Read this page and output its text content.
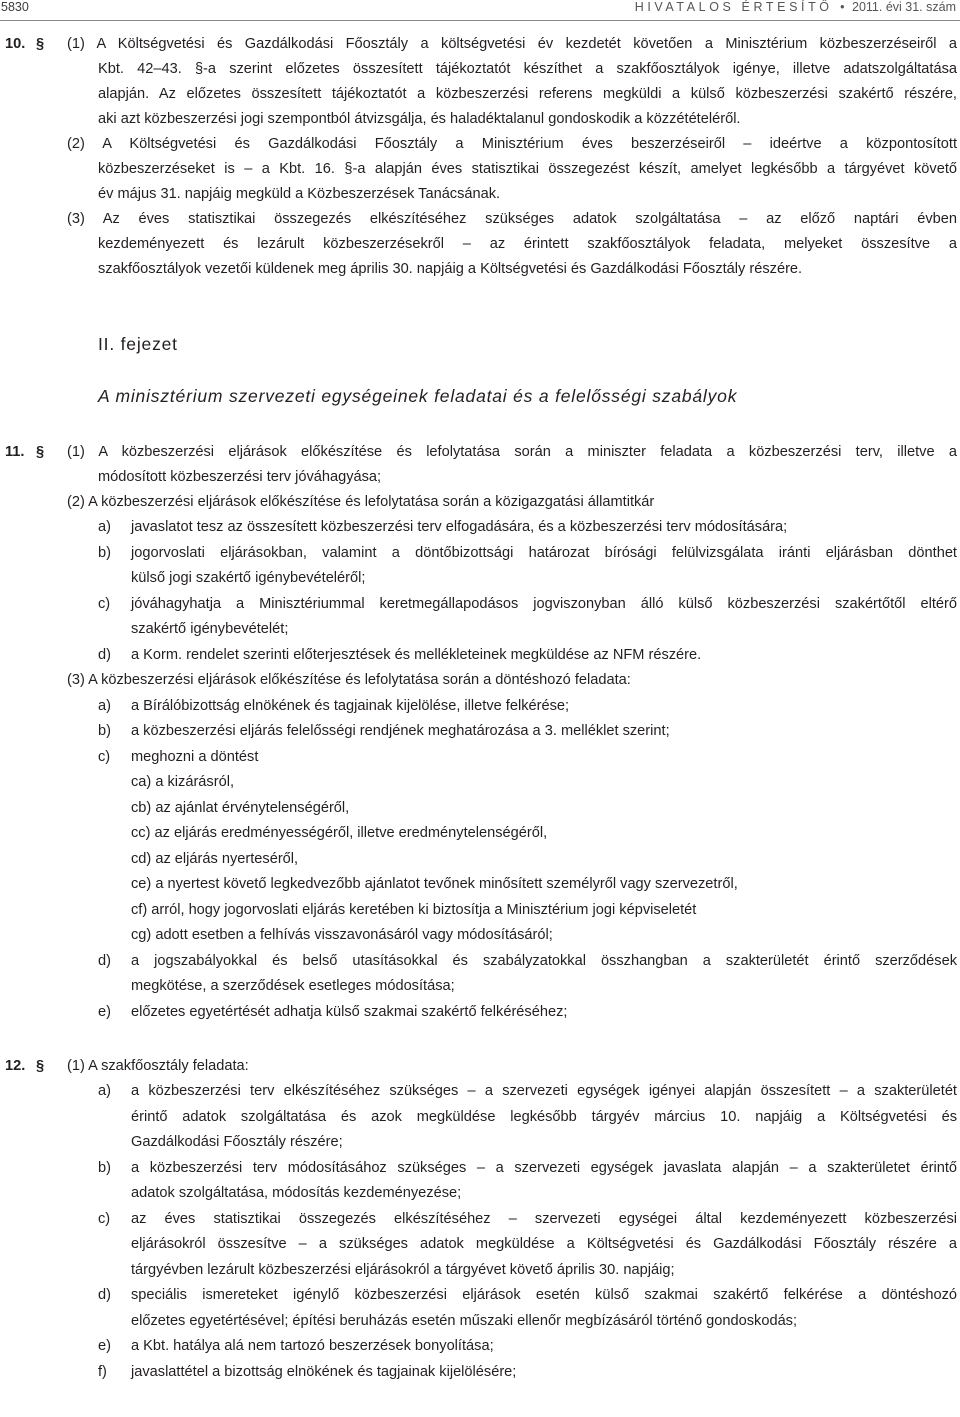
5830	HIVATALOS ÉRTESÍTŐ • 2011. évi 31. szám
10. § (1) A Költségvetési és Gazdálkodási Főosztály a költségvetési év kezdetét követően a Minisztérium közbeszerzéseiről a
Kbt. 42‒43. §-a szerint előzetes összesített tájékoztatót készíthet a szakfőosztályok igénye, illetve adatszolgáltatása
alapján. Az előzetes összesített tájékoztatót a közbeszerzési referens megküldi a külső közbeszerzési szakértő részére,
aki azt közbeszerzési jogi szempontból átvizsgálja, és haladéktalanul gondoskodik a közzétételéről.
(2) A Költségvetési és Gazdálkodási Főosztály a Minisztérium éves beszerzéseiről ‒ ideértve a központosított
közbeszerzéseket is ‒ a Kbt. 16. §-a alapján éves statisztikai összegezést készít, amelyet legkésőbb a tárgyévet követő
év május 31. napjáig megküld a Közbeszerzések Tanácsának.
(3) Az éves statisztikai összegezés elkészítéséhez szükséges adatok szolgáltatása ‒ az előző naptári évben
kezdeményezett és lezárult közbeszerzésekről ‒ az érintett szakfőosztályok feladata, melyeket összesítve a
szakfőosztályok vezetői küldenek meg április 30. napjáig a Költségvetési és Gazdálkodási Főosztály részére.
11. § (1) A közbeszerzési eljárások előkészítése és lefolytatása során a miniszter feladata a közbeszerzési terv, illetve a
módosított közbeszerzési terv jóváhagyása;
(2) A közbeszerzési eljárások előkészítése és lefolytatása során a közigazgatási államtitkár
a) javaslatot tesz az összesített közbeszerzési terv elfogadására, és a közbeszerzési terv módosítására;
b) jogorvoslati eljárásokban, valamint a döntőbizottsági határozat bírósági felülvizsgálata iránti eljárásban dönthet
külső jogi szakértő igénybevételéről;
c) jóváhagyhatja a Minisztériummal keretmegállapodásos jogviszonyban álló külső közbeszerzési szakértőtől eltérő
szakértő igénybevételét;
d) a Korm. rendelet szerinti előterjesztések és mellékleteinek megküldése az NFM részére.
(3) A közbeszerzési eljárások előkészítése és lefolytatása során a döntéshozó feladata:
a) a Bírálóbizottság elnökének és tagjainak kijelölése, illetve felkérése;
b) a közbeszerzési eljárás felelősségi rendjének meghatározása a 3. melléklet szerint;
c) meghozni a döntést
ca) a kizárásról,
cb) az ajánlat érvénytelenségéről,
cc) az eljárás eredményességéről, illetve eredménytelenségéről,
cd) az eljárás nyerteséről,
ce) a nyertest követő legkedvezőbb ajánlatot tevőnek minősített személyről vagy szervezetről,
cf) arról, hogy jogorvoslati eljárás keretében ki biztosítja a Minisztérium jogi képviseletét
cg) adott esetben a felhívás visszavonásáról vagy módosításáról;
d) a jogszabályokkal és belső utasításokkal és szabályzatokkal összhangban a szakterületét érintő szerződések
megkötése, a szerződések esetleges módosítása;
e) előzetes egyetértését adhatja külső szakmai szakértő felkéréséhez;
12. § (1) A szakfőosztály feladata:
a) a közbeszerzési terv elkészítéséhez szükséges ‒ a szervezeti egységek igényei alapján összesített ‒ a szakterületét
érintő adatok szolgáltatása és azok megküldése legkésőbb tárgyév március 10. napjáig a Költségvetési és
Gazdálkodási Főosztály részére;
b) a közbeszerzési terv módosításához szükséges ‒ a szervezeti egységek javaslata alapján ‒ a szakterületet érintő
adatok szolgáltatása, módosítás kezdeményezése;
c) az éves statisztikai összegezés elkészítéséhez ‒ szervezeti egységei által kezdeményezett közbeszerzési
eljárásokról összesítve ‒ a szükséges adatok megküldése a Költségvetési és Gazdálkodási Főosztály részére a
tárgyévben lezárult közbeszerzési eljárásokról a tárgyévet követő április 30. napjáig;
d) speciális ismereteket igénylő közbeszerzési eljárások esetén külső szakmai szakértő felkérése a döntéshozó
előzetes egyetértésével; építési beruházás esetén műszaki ellenőr megbízásáról történő gondoskodás;
e) a Kbt. hatálya alá nem tartozó beszerzések bonyolítása;
f) javaslattétel a bizottság elnökének és tagjainak kijelölésére;
II. fejezet
A minisztérium szervezeti egységeinek feladatai és a felelősségi szabályok
